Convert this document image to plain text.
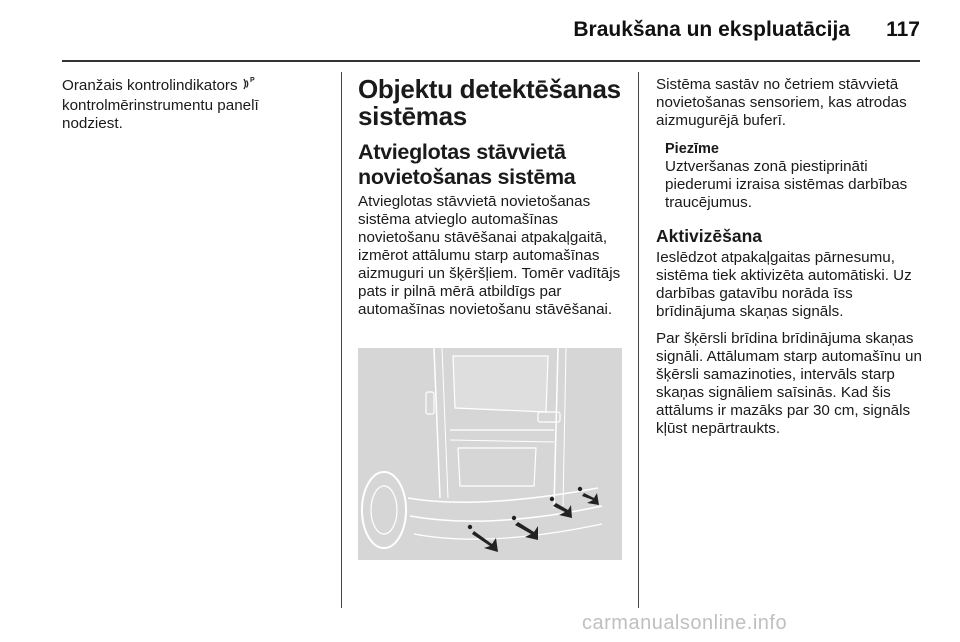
Braukšana un ekspluatācija	117

Oranžais kontrolindikators P

kontrolmērinstrumentu panelī
nodziest.

Objektu detektēšanas sistēmas
Atvieglotas stāvvietā novietošanas sistēma

Atvieglotas stāvvietā novietošanas sistēma atvieglo automašīnas novietošanu stāvēšanai atpakaļgaitā, izmērot attālumu starp automašīnas aizmuguri un šķēršļiem. Tomēr vadītājs pats ir pilnā mērā atbildīgs par automašīnas novietošanu stāvēšanai.

Sistēma sastāv no četriem stāvvietā novietošanas sensoriem, kas atrodas aizmugurējā buferī.

Piezīme

Uztveršanas zonā piestiprināti piederumi izraisa sistēmas darbības traucējumus.

Aktivizēšana

Ieslēdzot atpakaļgaitas pārnesumu, sistēma tiek aktivizēta automātiski. Uz darbības gatavību norāda īss brīdinājuma skaņas signāls.

Par šķērsli brīdina brīdinājuma skaņas signāli. Attālumam starp automašīnu un šķērsli samazinoties, intervāls starp skaņas signāliem saīsinās. Kad šis attālums ir mazāks par 30 cm, signāls kļūst nepārtraukts.

carmanualsonline.info
